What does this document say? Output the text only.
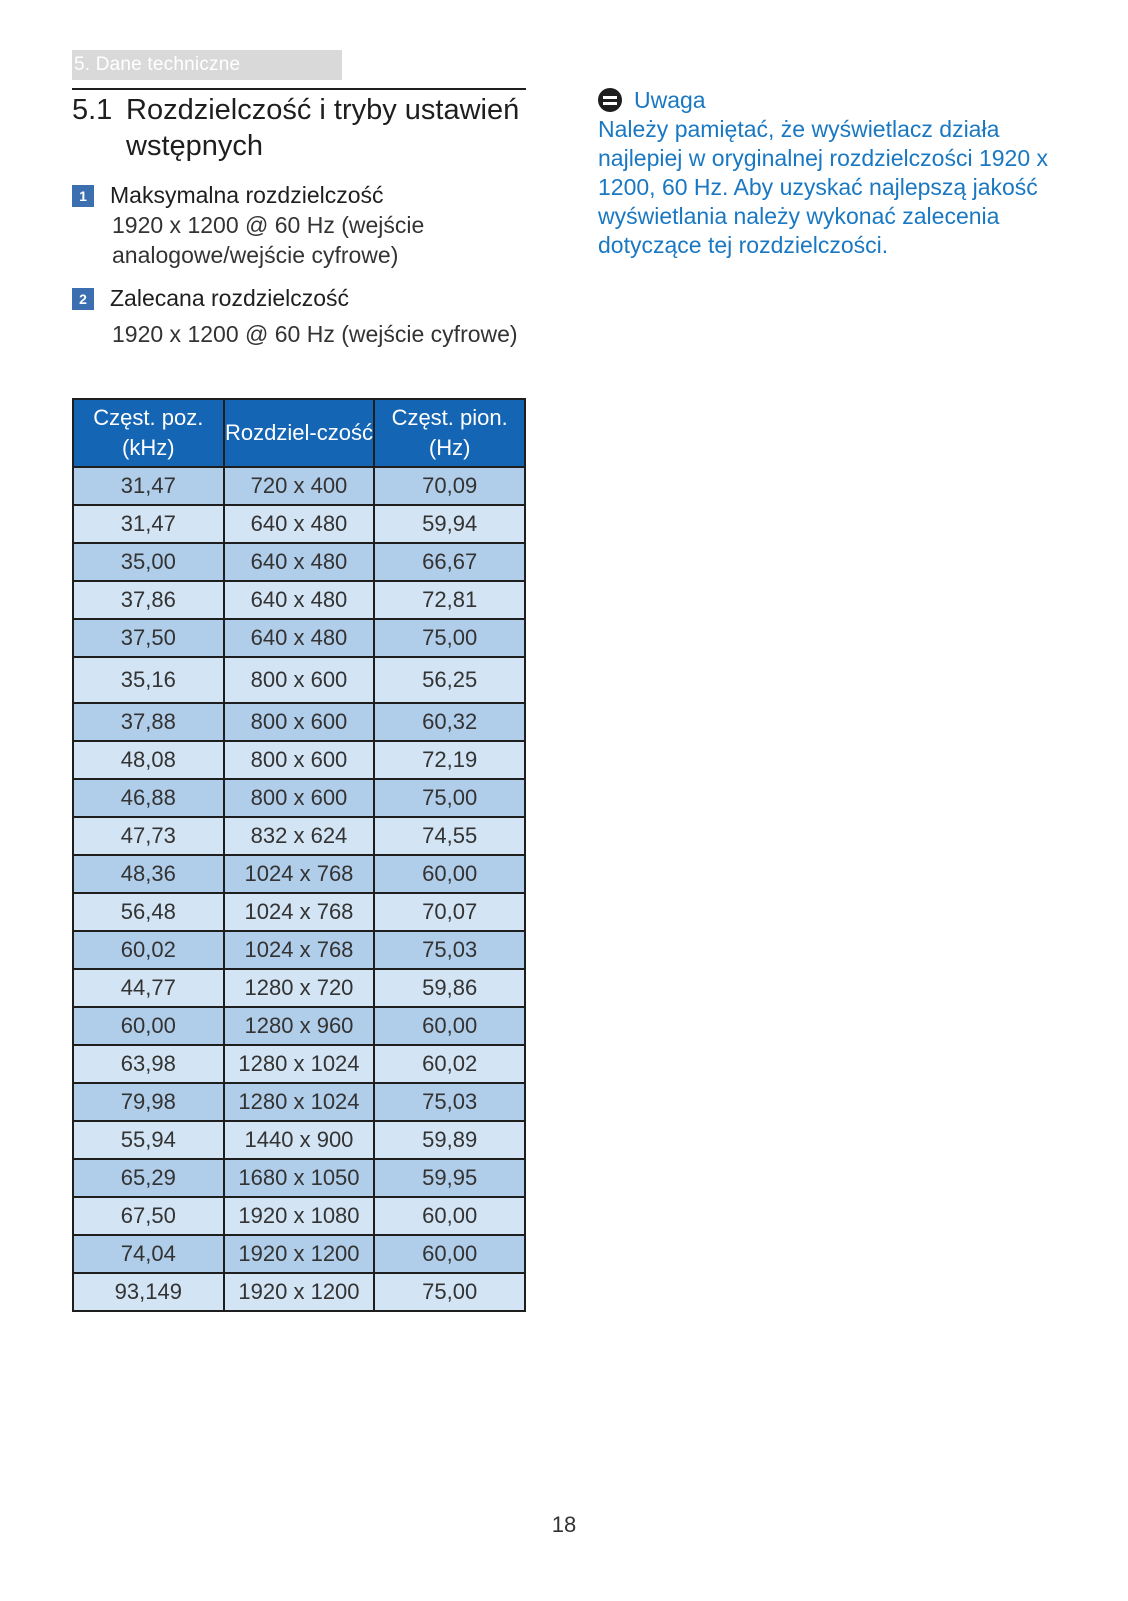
5. Dane techniczne
5.1 Rozdzielczość i tryby ustawień wstępnych
1	Maksymalna rozdzielczość
1920 x 1200 @ 60 Hz (wejście analogowe/wejście cyfrowe)
2	Zalecana rozdzielczość
1920 x 1200 @ 60 Hz (wejście cyfrowe)
Częst. poz. (kHz)	Rozdziel-czość	Częst. pion. (Hz)
31,47	720 x 400	70,09
31,47	640 x 480	59,94
35,00	640 x 480	66,67
37,86	640 x 480	72,81
37,50	640 x 480	75,00
35,16	800 x 600	56,25
37,88	800 x 600	60,32
48,08	800 x 600	72,19
46,88	800 x 600	75,00
47,73	832 x 624	74,55
48,36	1024 x 768	60,00
56,48	1024 x 768	70,07
60,02	1024 x 768	75,03
44,77	1280 x 720	59,86
60,00	1280 x 960	60,00
63,98	1280 x 1024	60,02
79,98	1280 x 1024	75,03
55,94	1440 x 900	59,89
65,29	1680 x 1050	59,95
67,50	1920 x 1080	60,00
74,04	1920 x 1200	60,00
93,149	1920 x 1200	75,00
Uwaga
Należy pamiętać, że wyświetlacz działa najlepiej w oryginalnej rozdzielczości 1920 x 1200, 60 Hz. Aby uzyskać najlepszą jakość wyświetlania należy wykonać zalecenia dotyczące tej rozdzielczości.
18
